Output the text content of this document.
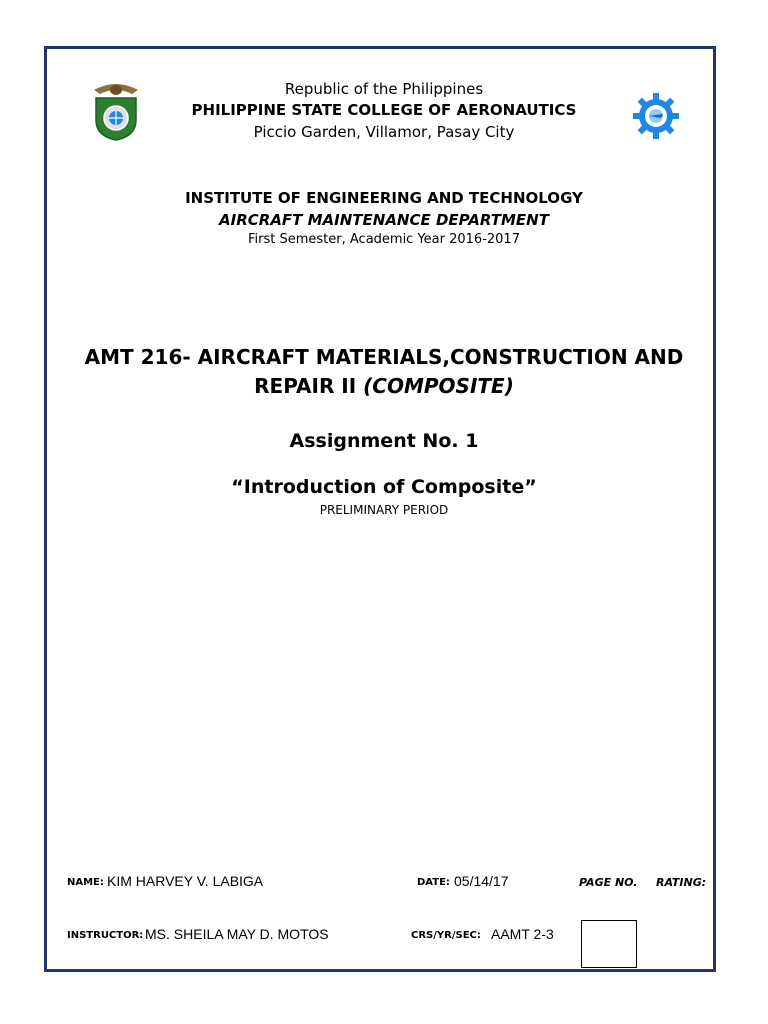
Republic of the Philippines
PHILIPPINE STATE COLLEGE OF AERONAUTICS
Piccio Garden, Villamor, Pasay City
INSTITUTE OF ENGINEERING AND TECHNOLOGY
AIRCRAFT MAINTENANCE DEPARTMENT
First Semester, Academic Year 2016-2017
AMT 216- AIRCRAFT MATERIALS,CONSTRUCTION AND
REPAIR II (COMPOSITE)
Assignment No. 1
“Introduction of Composite”
PRELIMINARY PERIOD
NAME: KIM HARVEY V. LABIGA	DATE: 05/14/17	PAGE NO. RATING:
INSTRUCTOR: MS. SHEILA MAY D. MOTOS	CRS/YR/SEC: AAMT 2-3
